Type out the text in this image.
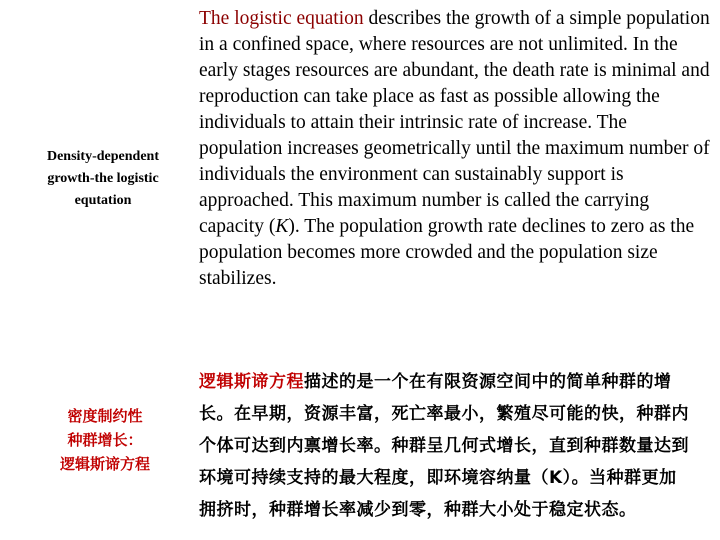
Density-dependent
growth-the logistic
equtation
The logistic equation describes the growth of a simple population in a confined space, where resources are not unlimited. In the early stages resources are abundant, the death rate is minimal and reproduction can take place as fast as possible allowing the individuals to attain their intrinsic rate of increase. The population increases geometrically until the maximum number of individuals the environment can sustainably support is approached. This maximum number is called the carrying capacity (K). The population growth rate declines to zero as the population becomes more crowded and the population size stabilizes.
密度制约性
种群增长：
逻辑斯谛方程
逻辑斯谛方程描述的是一个在有限资源空间中的简单种群的增长。在早期，资源丰富，死亡率最小，繁殖尽可能的快，种群内个体可达到内禀增长率。种群呈几何式增长，直到种群数量达到环境可持续支持的最大程度，即环境容纳量（K）。当种群更加拥挤时，种群增长率减少到零，种群大小处于稳定状态。
